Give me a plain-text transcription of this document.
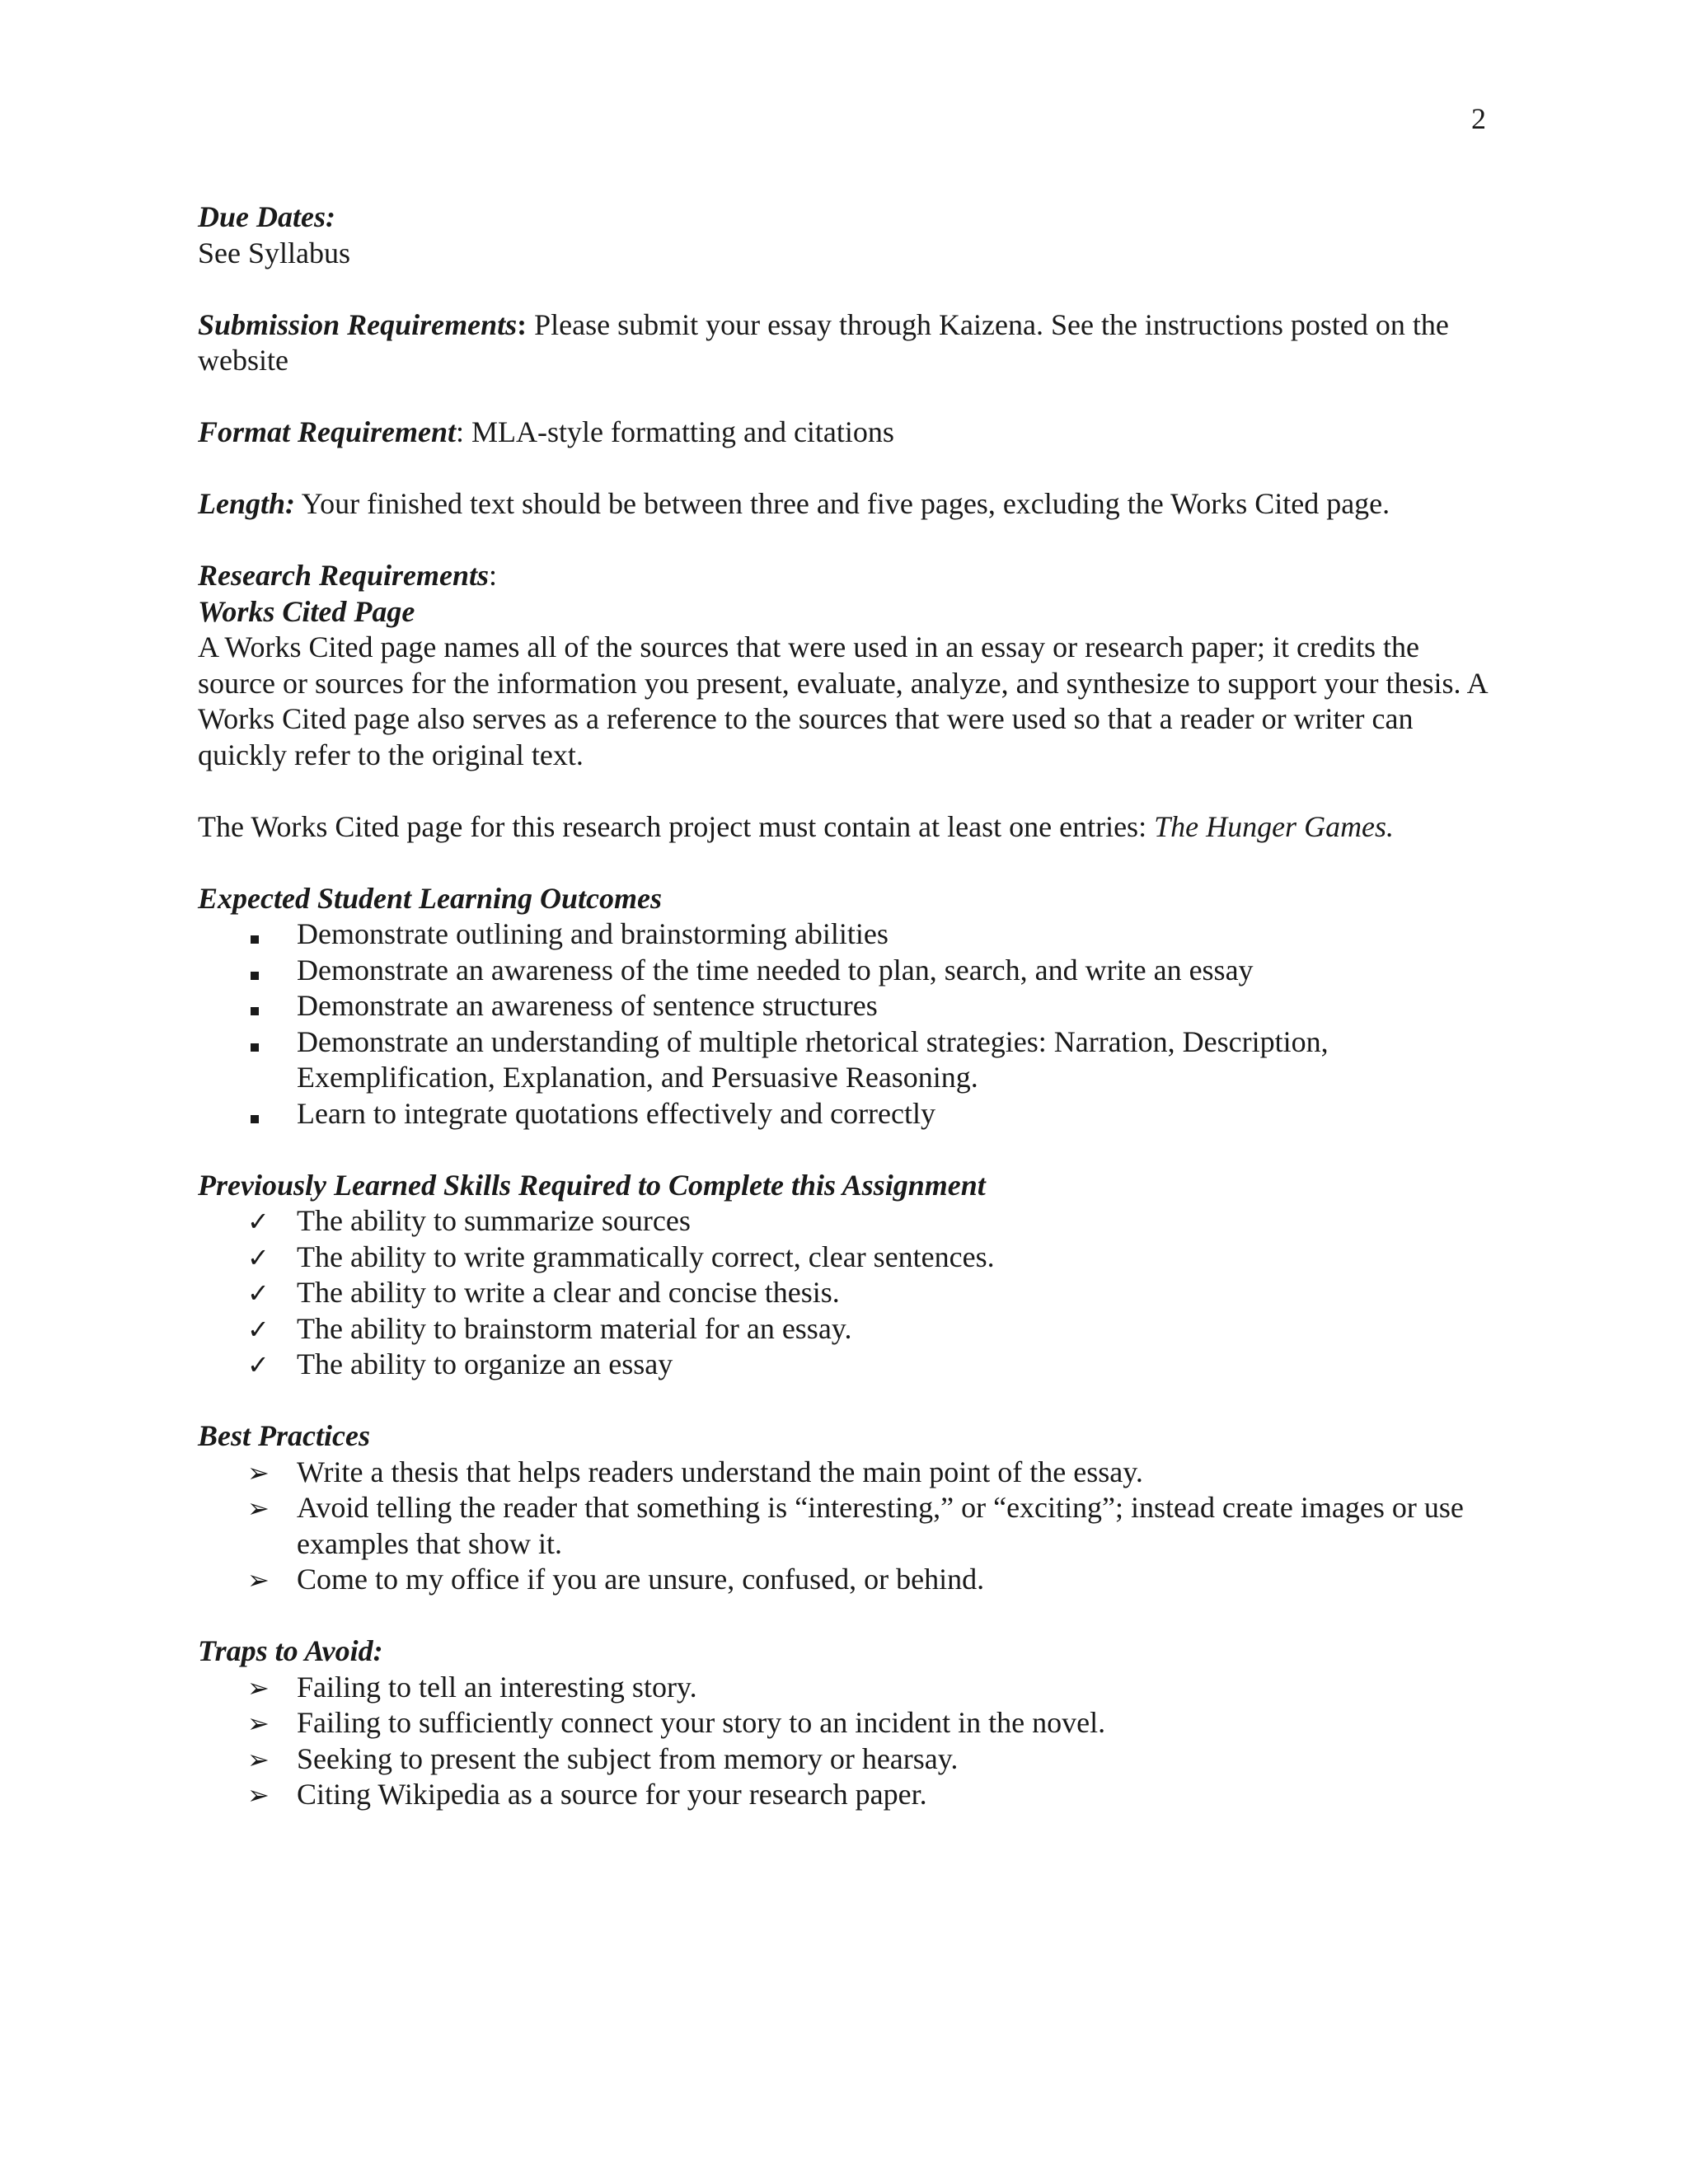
2

Due Dates:

See Syllabus

Submission Requirements: Please submit your essay through Kaizena. See the instructions posted on the website

Format Requirement: MLA-style formatting and citations

Length: Your finished text should be between three and five pages, excluding the Works Cited page.

Research Requirements:

Works Cited Page

A Works Cited page names all of the sources that were used in an essay or research paper; it credits the source or sources for the information you present, evaluate, analyze, and synthesize to support your thesis. A Works Cited page also serves as a reference to the sources that were used so that a reader or writer can quickly refer to the original text.

The Works Cited page for this research project must contain at least one entries: The Hunger Games.

Expected Student Learning Outcomes

Demonstrate outlining and brainstorming abilities
Demonstrate an awareness of the time needed to plan, search, and write an essay
Demonstrate an awareness of sentence structures
Demonstrate an understanding of multiple rhetorical strategies: Narration, Description, Exemplification, Explanation, and Persuasive Reasoning.
Learn to integrate quotations effectively and correctly

Previously Learned Skills Required to Complete this Assignment

✓ The ability to summarize sources
✓ The ability to write grammatically correct, clear sentences.
✓ The ability to write a clear and concise thesis.
✓ The ability to brainstorm material for an essay.
✓ The ability to organize an essay

Best Practices

➢ Write a thesis that helps readers understand the main point of the essay.
➢ Avoid telling the reader that something is “interesting,” or “exciting”; instead create images or use examples that show it.
➢ Come to my office if you are unsure, confused, or behind.

Traps to Avoid:

➢ Failing to tell an interesting story.
➢ Failing to sufficiently connect your story to an incident in the novel.
➢ Seeking to present the subject from memory or hearsay.
➢ Citing Wikipedia as a source for your research paper.
